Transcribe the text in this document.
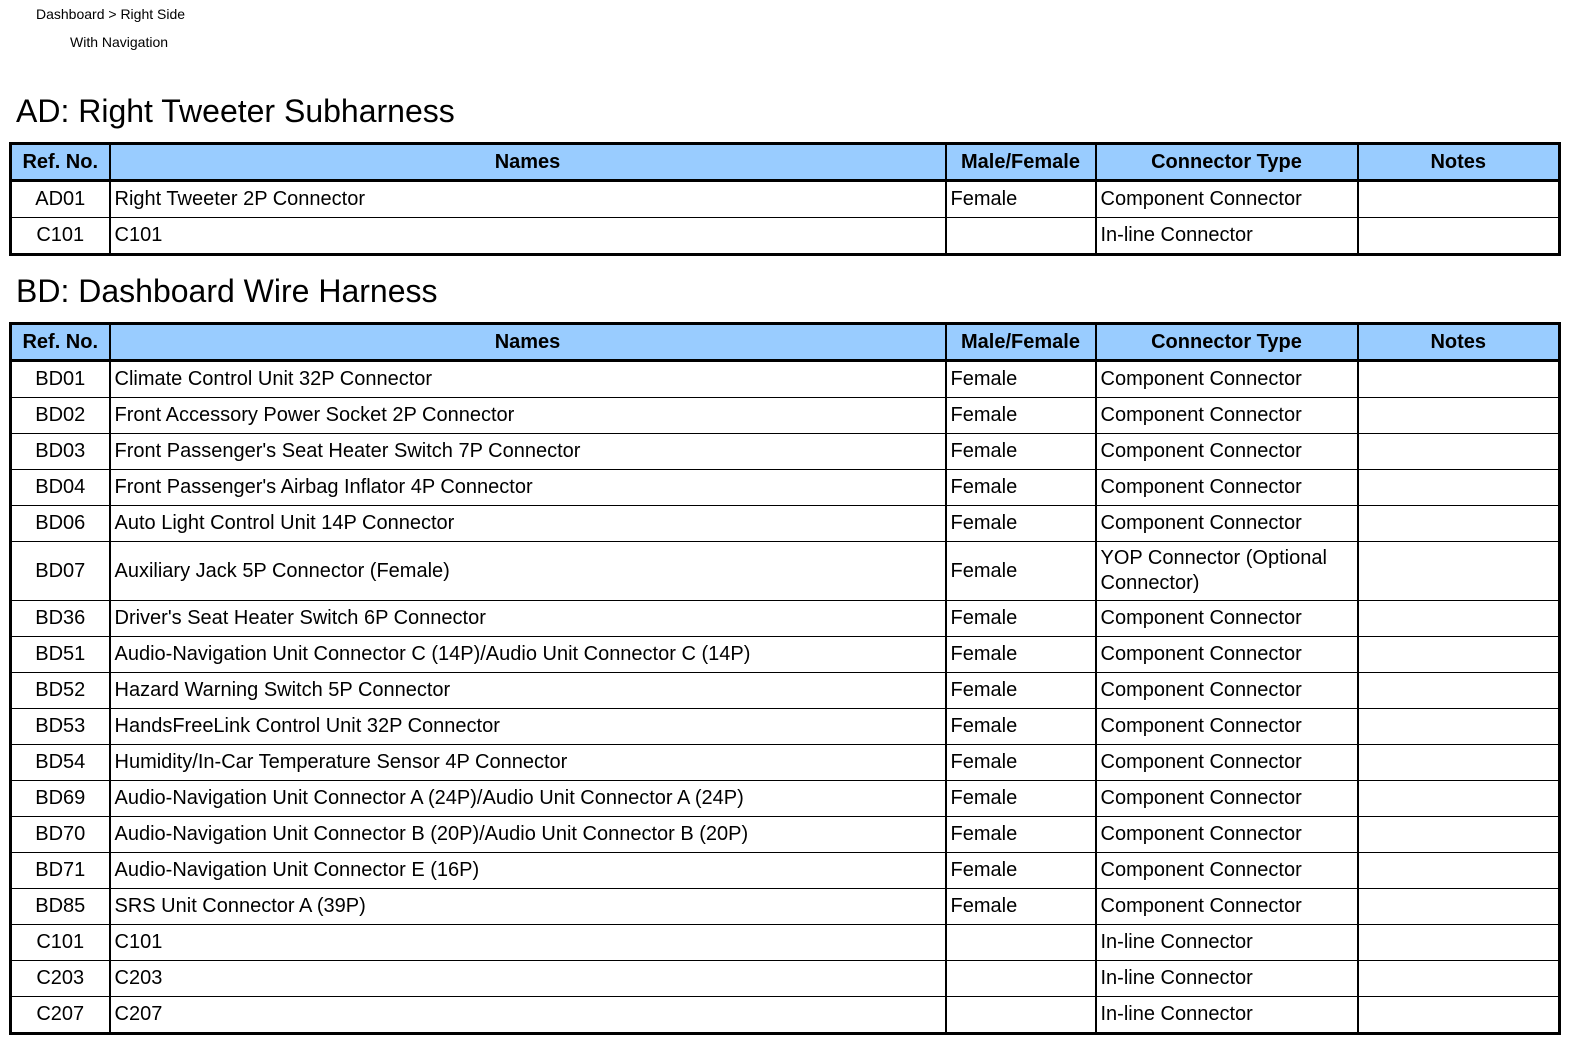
Dashboard > Right Side
With Navigation
AD: Right Tweeter Subharness
Ref. No.	Names	Male/Female	Connector Type	Notes
AD01	Right Tweeter 2P Connector	Female	Component Connector	
C101	C101		In-line Connector	
BD: Dashboard Wire Harness
Ref. No.	Names	Male/Female	Connector Type	Notes
BD01	Climate Control Unit 32P Connector	Female	Component Connector	
BD02	Front Accessory Power Socket 2P Connector	Female	Component Connector	
BD03	Front Passenger's Seat Heater Switch 7P Connector	Female	Component Connector	
BD04	Front Passenger's Airbag Inflator 4P Connector	Female	Component Connector	
BD06	Auto Light Control Unit 14P Connector	Female	Component Connector	
BD07	Auxiliary Jack 5P Connector (Female)	Female	YOP Connector (Optional Connector)	
BD36	Driver's Seat Heater Switch 6P Connector	Female	Component Connector	
BD51	Audio-Navigation Unit Connector C (14P)/Audio Unit Connector C (14P)	Female	Component Connector	
BD52	Hazard Warning Switch 5P Connector	Female	Component Connector	
BD53	HandsFreeLink Control Unit 32P Connector	Female	Component Connector	
BD54	Humidity/In-Car Temperature Sensor 4P Connector	Female	Component Connector	
BD69	Audio-Navigation Unit Connector A (24P)/Audio Unit Connector A (24P)	Female	Component Connector	
BD70	Audio-Navigation Unit Connector B (20P)/Audio Unit Connector B (20P)	Female	Component Connector	
BD71	Audio-Navigation Unit Connector E (16P)	Female	Component Connector	
BD85	SRS Unit Connector A (39P)	Female	Component Connector	
C101	C101		In-line Connector	
C203	C203		In-line Connector	
C207	C207		In-line Connector	
